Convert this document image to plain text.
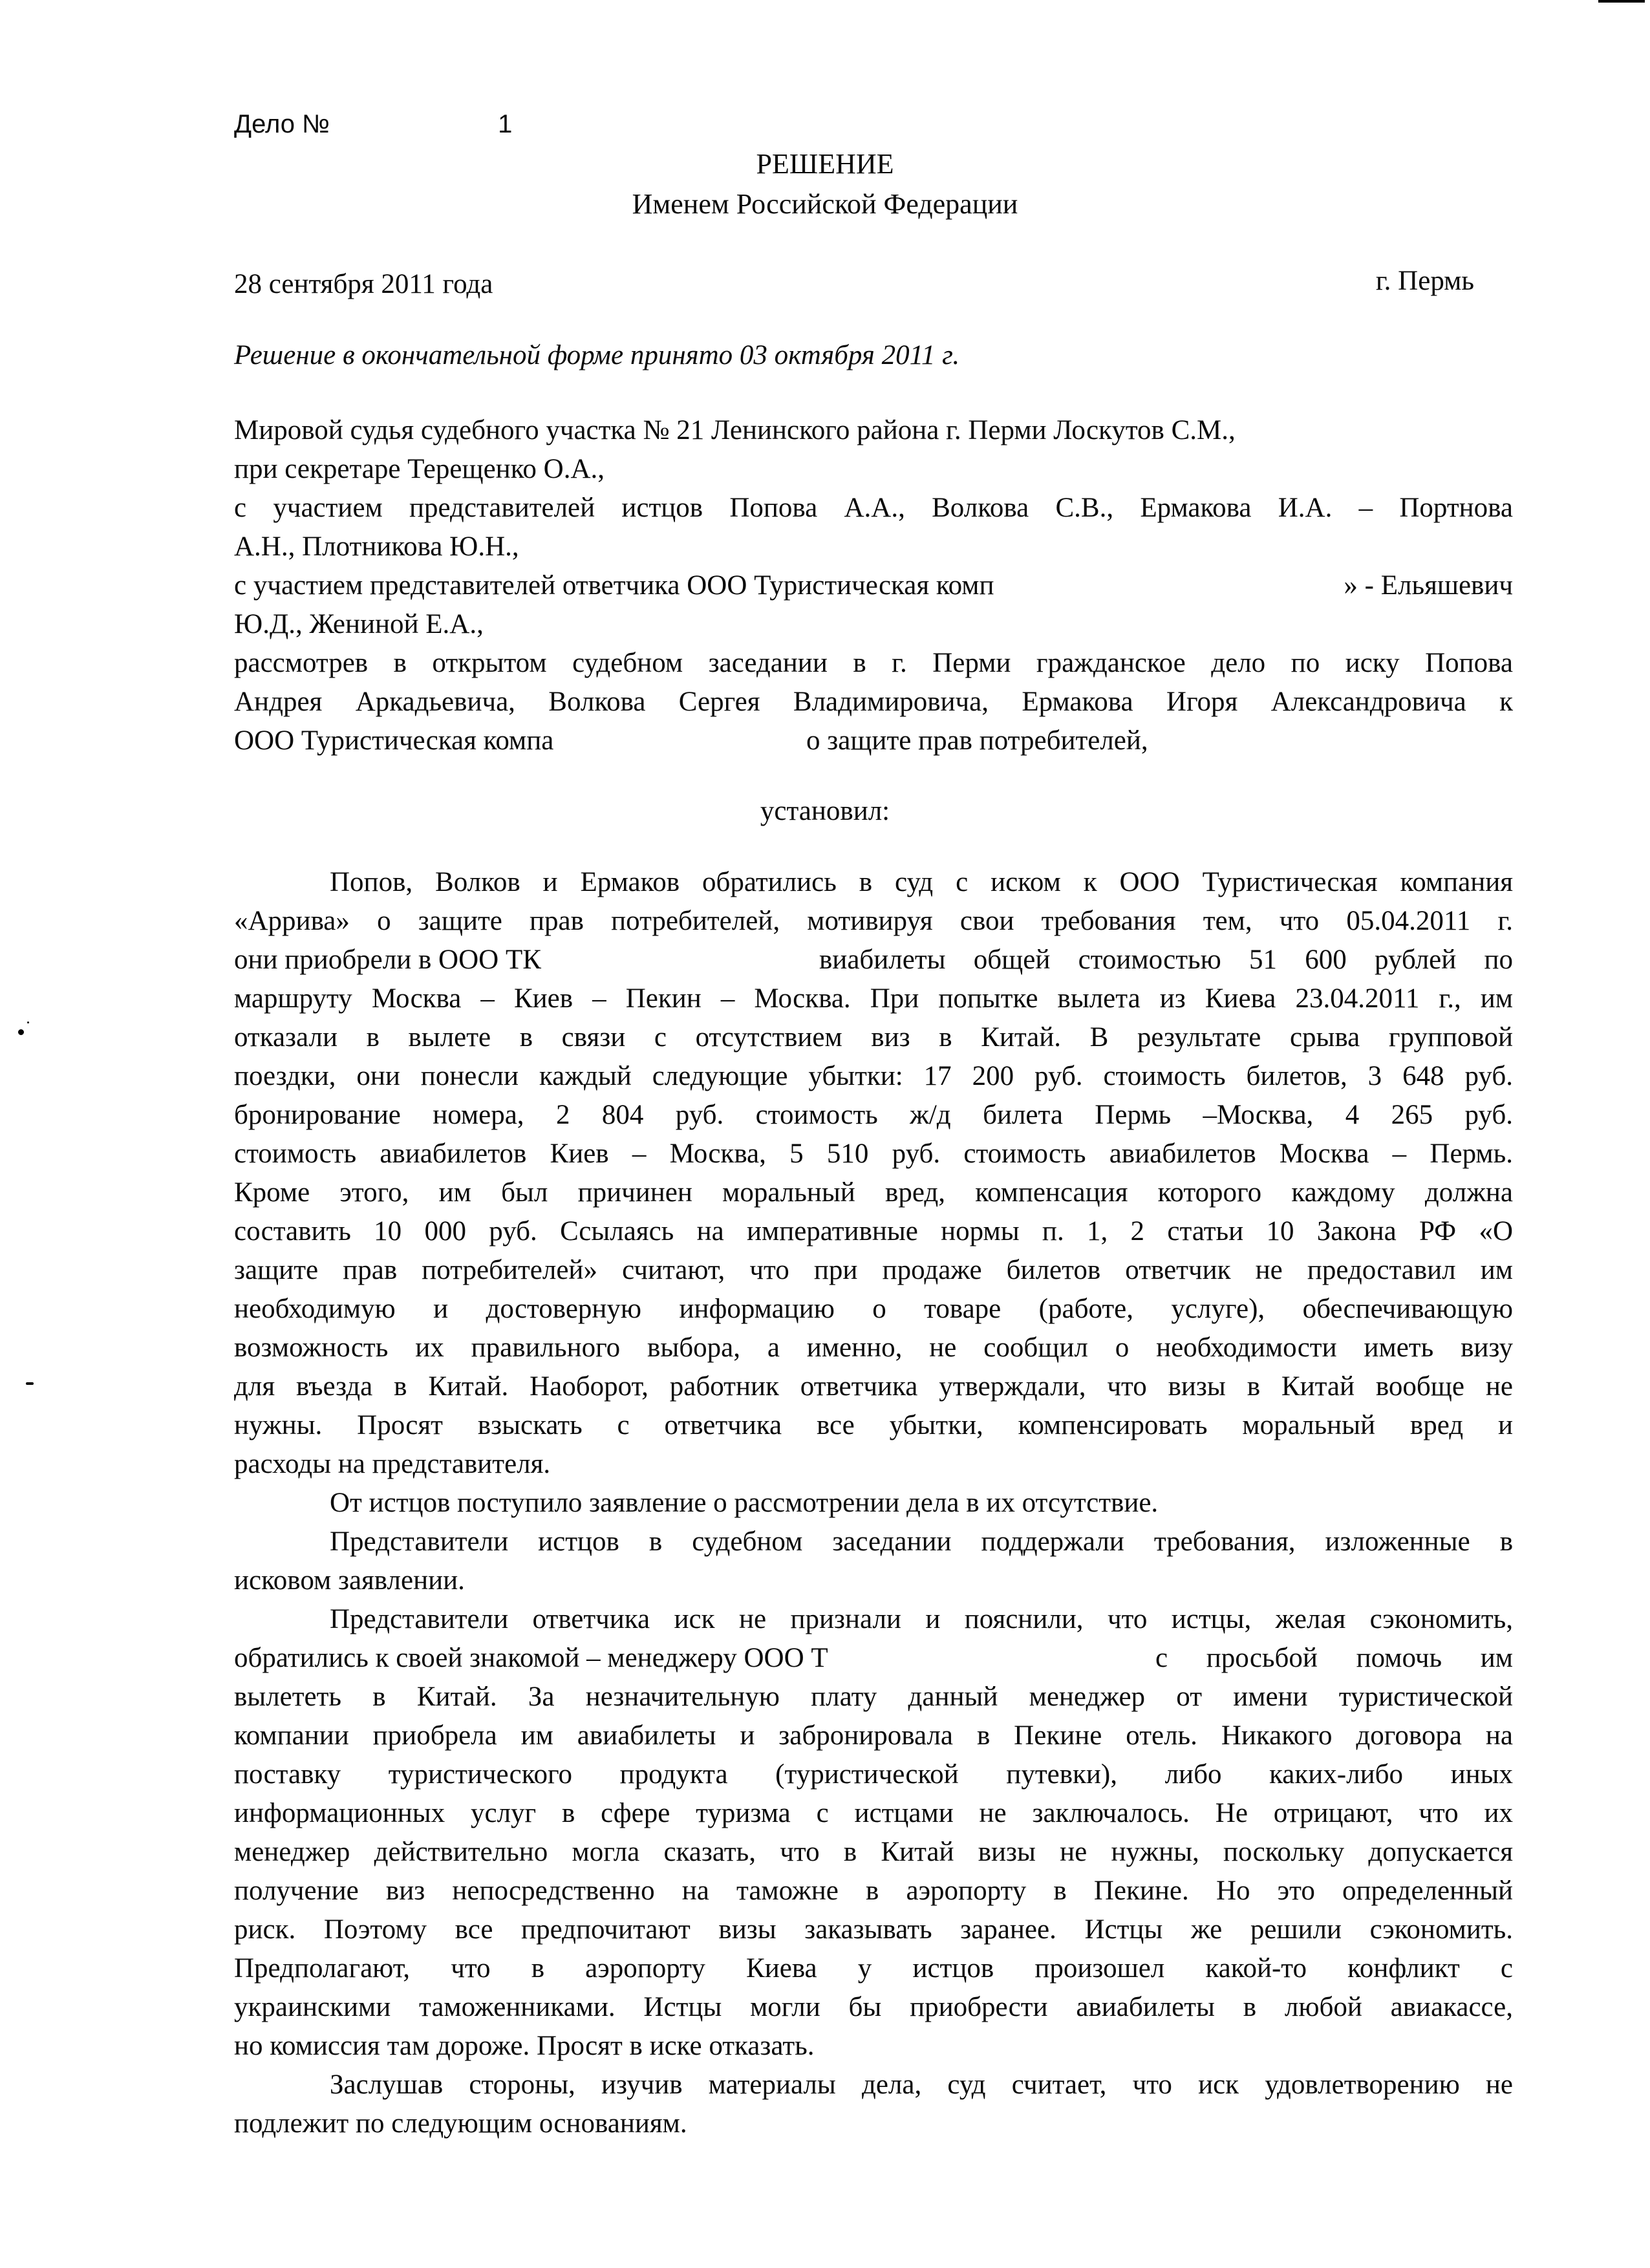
Дело №	1
РЕШЕНИЕ
Именем Российской Федерации
28 сентября 2011 года	г. Пермь
Решение в окончательной форме принято 03 октября 2011 г.
Мировой судья судебного участка № 21 Ленинского района г. Перми Лоскутов С.М.,
при секретаре Терещенко О.А.,
с участием представителей истцов Попова А.А., Волкова С.В., Ермакова И.А. – Портнова
А.Н., Плотникова Ю.Н.,
с участием представителей ответчика ООО Туристическая комп	» - Ельяшевич
Ю.Д., Жениной Е.А.,
рассмотрев в открытом судебном заседании в г. Перми гражданское дело по иску Попова
Андрея Аркадьевича, Волкова Сергея Владимировича, Ермакова Игоря Александровича к
ООО Туристическая компа	о защите прав потребителей,
установил:
Попов, Волков и Ермаков обратились в суд с иском к ООО Туристическая компания
«Аррива» о защите прав потребителей, мотивируя свои требования тем, что 05.04.2011 г.
они приобрели в ООО ТК	виабилеты общей стоимостью 51 600 рублей по
маршруту Москва – Киев – Пекин – Москва. При попытке вылета из Киева 23.04.2011 г., им
отказали в вылете в связи с отсутствием виз в Китай. В результате срыва групповой
поездки, они понесли каждый следующие убытки: 17 200 руб. стоимость билетов, 3 648 руб.
бронирование номера, 2 804 руб. стоимость ж/д билета Пермь –Москва, 4 265 руб.
стоимость авиабилетов Киев – Москва, 5 510 руб. стоимость авиабилетов Москва – Пермь.
Кроме этого, им был причинен моральный вред, компенсация которого каждому должна
составить 10 000 руб. Ссылаясь на императивные нормы п. 1, 2 статьи 10 Закона РФ «О
защите прав потребителей» считают, что при продаже билетов ответчик не предоставил им
необходимую и достоверную информацию о товаре (работе, услуге), обеспечивающую
возможность их правильного выбора, а именно, не сообщил о необходимости иметь визу
для въезда в Китай. Наоборот, работник ответчика утверждали, что визы в Китай вообще не
нужны. Просят взыскать с ответчика все убытки, компенсировать моральный вред и
расходы на представителя.
От истцов поступило заявление о рассмотрении дела в их отсутствие.
Представители истцов в судебном заседании поддержали требования, изложенные в
исковом заявлении.
Представители ответчика иск не признали и пояснили, что истцы, желая сэкономить,
обратились к своей знакомой – менеджеру ООО Т	с просьбой помочь им
вылететь в Китай. За незначительную плату данный менеджер от имени туристической
компании приобрела им авиабилеты и забронировала в Пекине отель. Никакого договора на
поставку туристического продукта (туристической путевки), либо каких-либо иных
информационных услуг в сфере туризма с истцами не заключалось. Не отрицают, что их
менеджер действительно могла сказать, что в Китай визы не нужны, поскольку допускается
получение виз непосредственно на таможне в аэропорту в Пекине. Но это определенный
риск. Поэтому все предпочитают визы заказывать заранее. Истцы же решили сэкономить.
Предполагают, что в аэропорту Киева у истцов произошел какой-то конфликт с
украинскими таможенниками. Истцы могли бы приобрести авиабилеты в любой авиакассе,
но комиссия там дороже. Просят в иске отказать.
Заслушав стороны, изучив материалы дела, суд считает, что иск удовлетворению не
подлежит по следующим основаниям.
